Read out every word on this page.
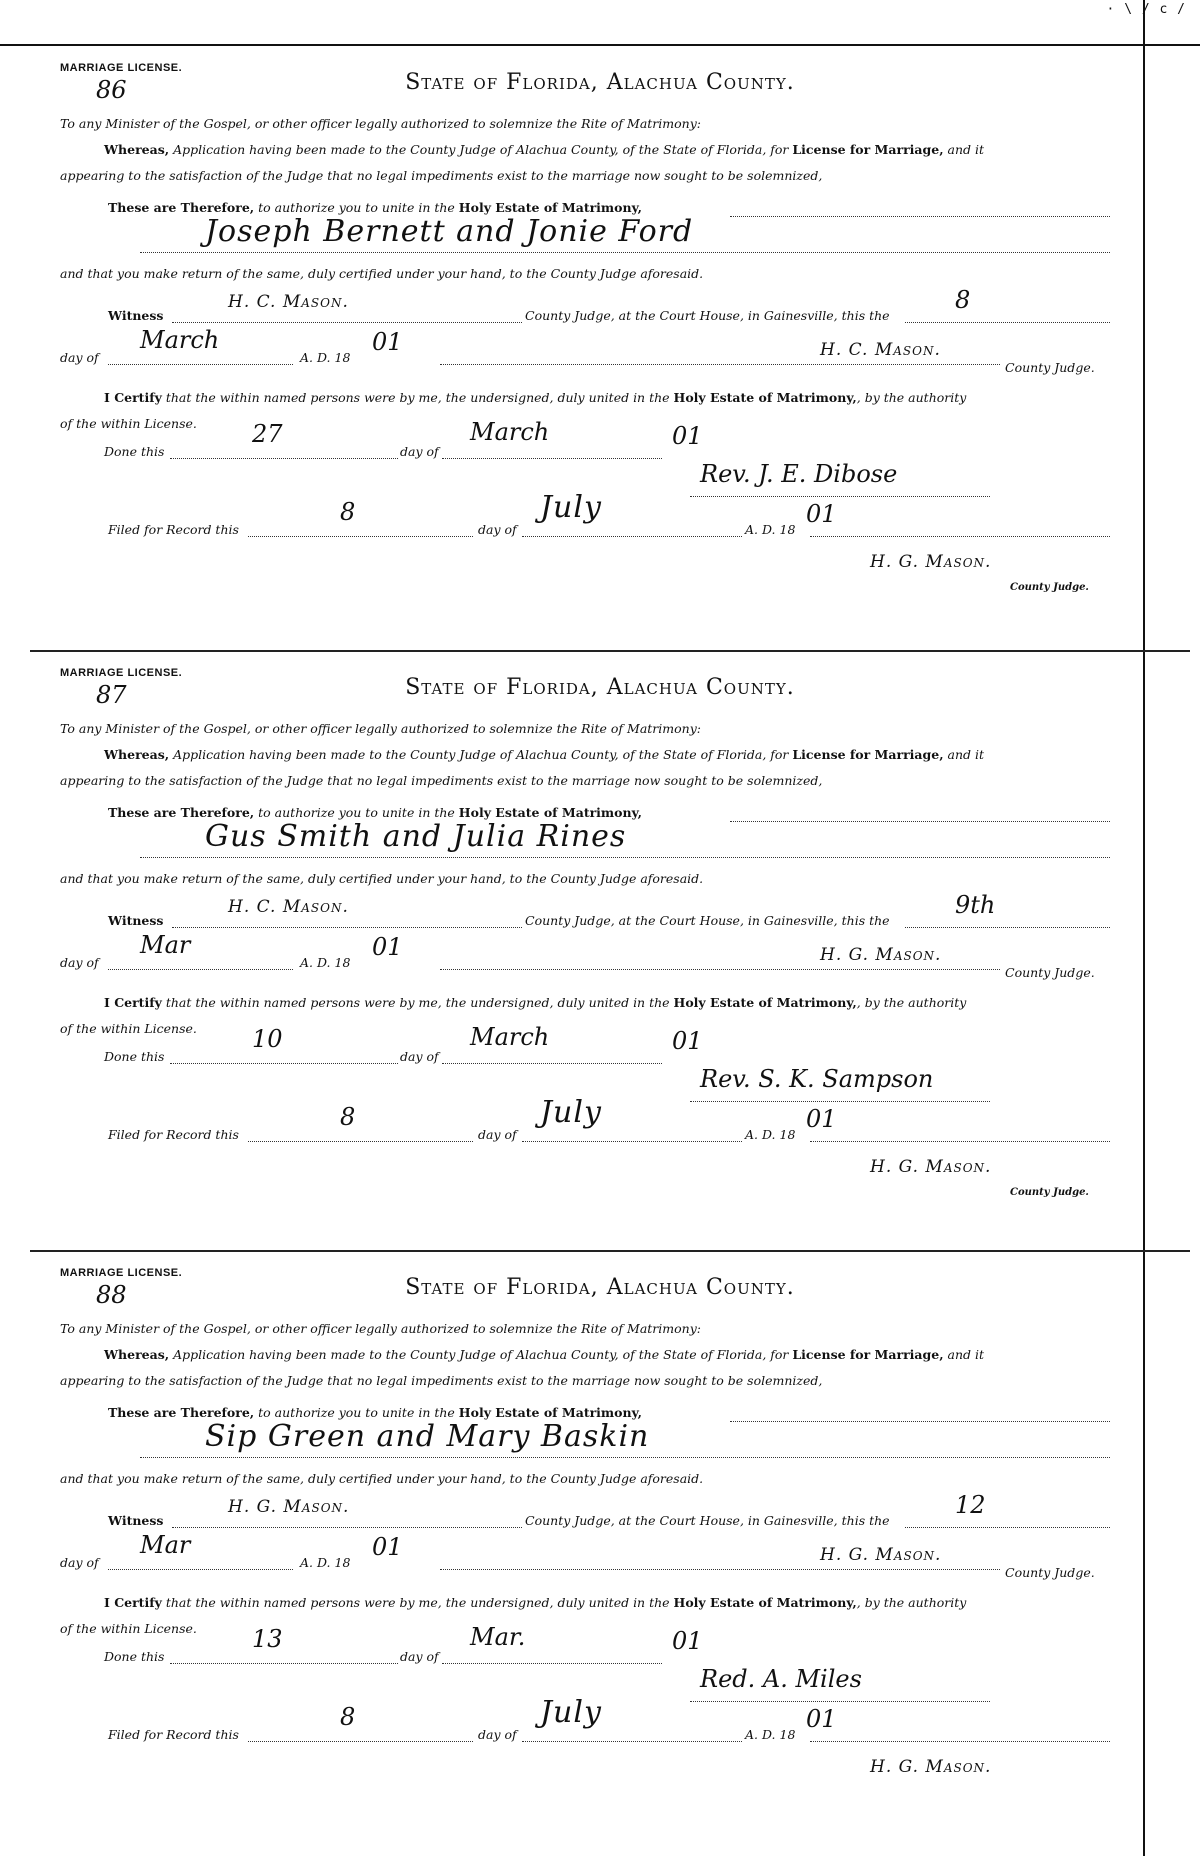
· \ / c /
MARRIAGE LICENSE.
86	State of Florida, Alachua County.
To any Minister of the Gospel, or other officer legally authorized to solemnize the Rite of Matrimony:
Whereas, Application having been made to the County Judge of Alachua County, of the State of Florida, for License for Marriage, and it
appearing to the satisfaction of the Judge that no legal impediments exist to the marriage now sought to be solemnized,
These are Therefore, to authorize you to unite in the Holy Estate of Matrimony,
Joseph Bernett and Jonie Ford
and that you make return of the same, duly certified under your hand, to the County Judge aforesaid.
Witness
H. C. Mason.
County Judge, at the Court House, in Gainesville, this the
8
day of
March
A. D. 18
01	H. C. Mason.
County Judge.
I Certify that the within named persons were by me, the undersigned, duly united in the Holy Estate of Matrimony,, by the authority
of the within License.
Done this
27
day of
March	01
Rev. J. E. Dibose
Filed for Record this
8
day of
July
A. D. 18
01
H. G. Mason.
County Judge.
MARRIAGE LICENSE.
87	State of Florida, Alachua County.
To any Minister of the Gospel, or other officer legally authorized to solemnize the Rite of Matrimony:
Whereas, Application having been made to the County Judge of Alachua County, of the State of Florida, for License for Marriage, and it
appearing to the satisfaction of the Judge that no legal impediments exist to the marriage now sought to be solemnized,
These are Therefore, to authorize you to unite in the Holy Estate of Matrimony,
Gus Smith and Julia Rines
and that you make return of the same, duly certified under your hand, to the County Judge aforesaid.
Witness
H. C. Mason.
County Judge, at the Court House, in Gainesville, this the
9th
day of
Mar
A. D. 18
01	H. G. Mason.
County Judge.
I Certify that the within named persons were by me, the undersigned, duly united in the Holy Estate of Matrimony,, by the authority
of the within License.
Done this
10
day of
March	01
Rev. S. K. Sampson
Filed for Record this
8
day of
July
A. D. 18
01
H. G. Mason.
County Judge.
MARRIAGE LICENSE.
88	State of Florida, Alachua County.
To any Minister of the Gospel, or other officer legally authorized to solemnize the Rite of Matrimony:
Whereas, Application having been made to the County Judge of Alachua County, of the State of Florida, for License for Marriage, and it
appearing to the satisfaction of the Judge that no legal impediments exist to the marriage now sought to be solemnized,
These are Therefore, to authorize you to unite in the Holy Estate of Matrimony,
Sip Green and Mary Baskin
and that you make return of the same, duly certified under your hand, to the County Judge aforesaid.
Witness
H. G. Mason.
County Judge, at the Court House, in Gainesville, this the
12
day of
Mar
A. D. 18
01	H. G. Mason.
County Judge.
I Certify that the within named persons were by me, the undersigned, duly united in the Holy Estate of Matrimony,, by the authority
of the within License.
Done this
13
day of
Mar.	01
Red. A. Miles
Filed for Record this
8
day of
July
A. D. 18
01
H. G. Mason.
